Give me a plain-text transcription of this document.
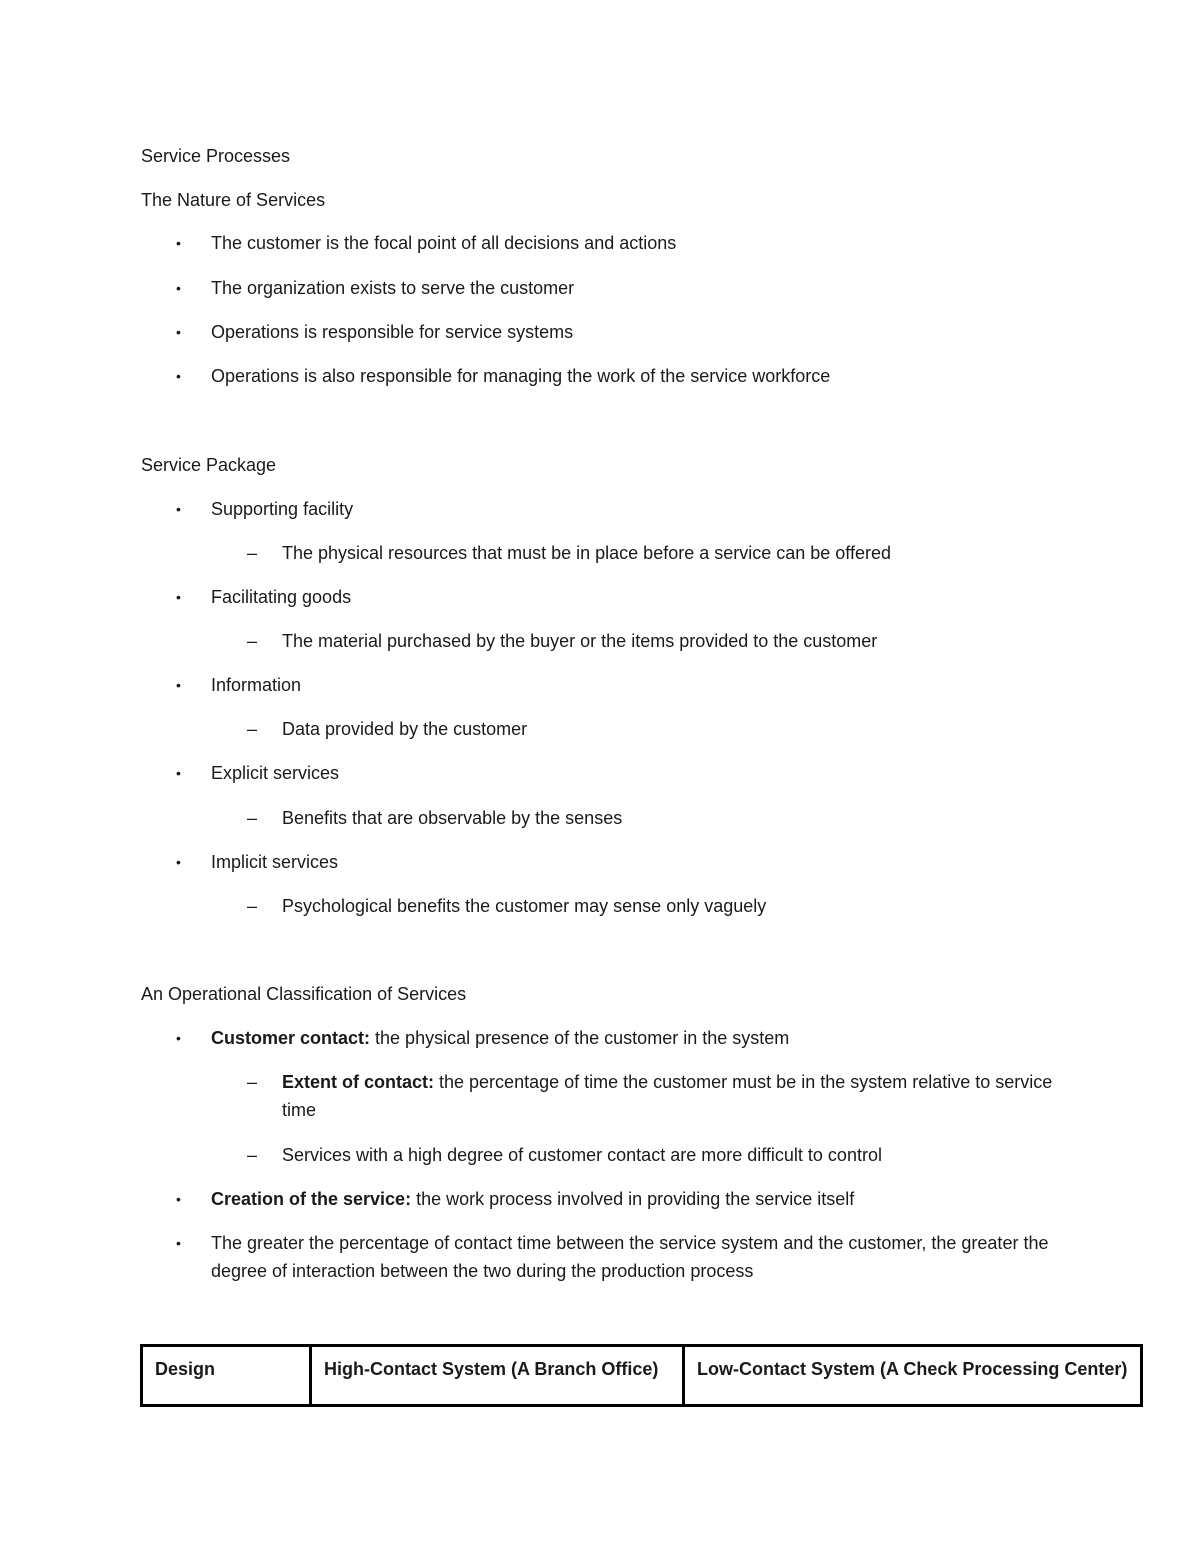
Service Processes
The Nature of Services
•	The customer is the focal point of all decisions and actions
•	The organization exists to serve the customer
•	Operations is responsible for service systems
•	Operations is also responsible for managing the work of the service workforce
Service Package
•	Supporting facility
–	The physical resources that must be in place before a service can be offered
•	Facilitating goods
–	The material purchased by the buyer or the items provided to the customer
•	Information
–	Data provided by the customer
•	Explicit services
–	Benefits that are observable by the senses
•	Implicit services
–	Psychological benefits the customer may sense only vaguely
An Operational Classification of Services
•	Customer contact: the physical presence of the customer in the system
–	Extent of contact: the percentage of time the customer must be in the system relative to service time
–	Services with a high degree of customer contact are more difficult to control
•	Creation of the service: the work process involved in providing the service itself
•	The greater the percentage of contact time between the service system and the customer, the greater the degree of interaction between the two during the production process
Design	High-Contact System (A Branch Office)	Low-Contact System (A Check Processing Center)
